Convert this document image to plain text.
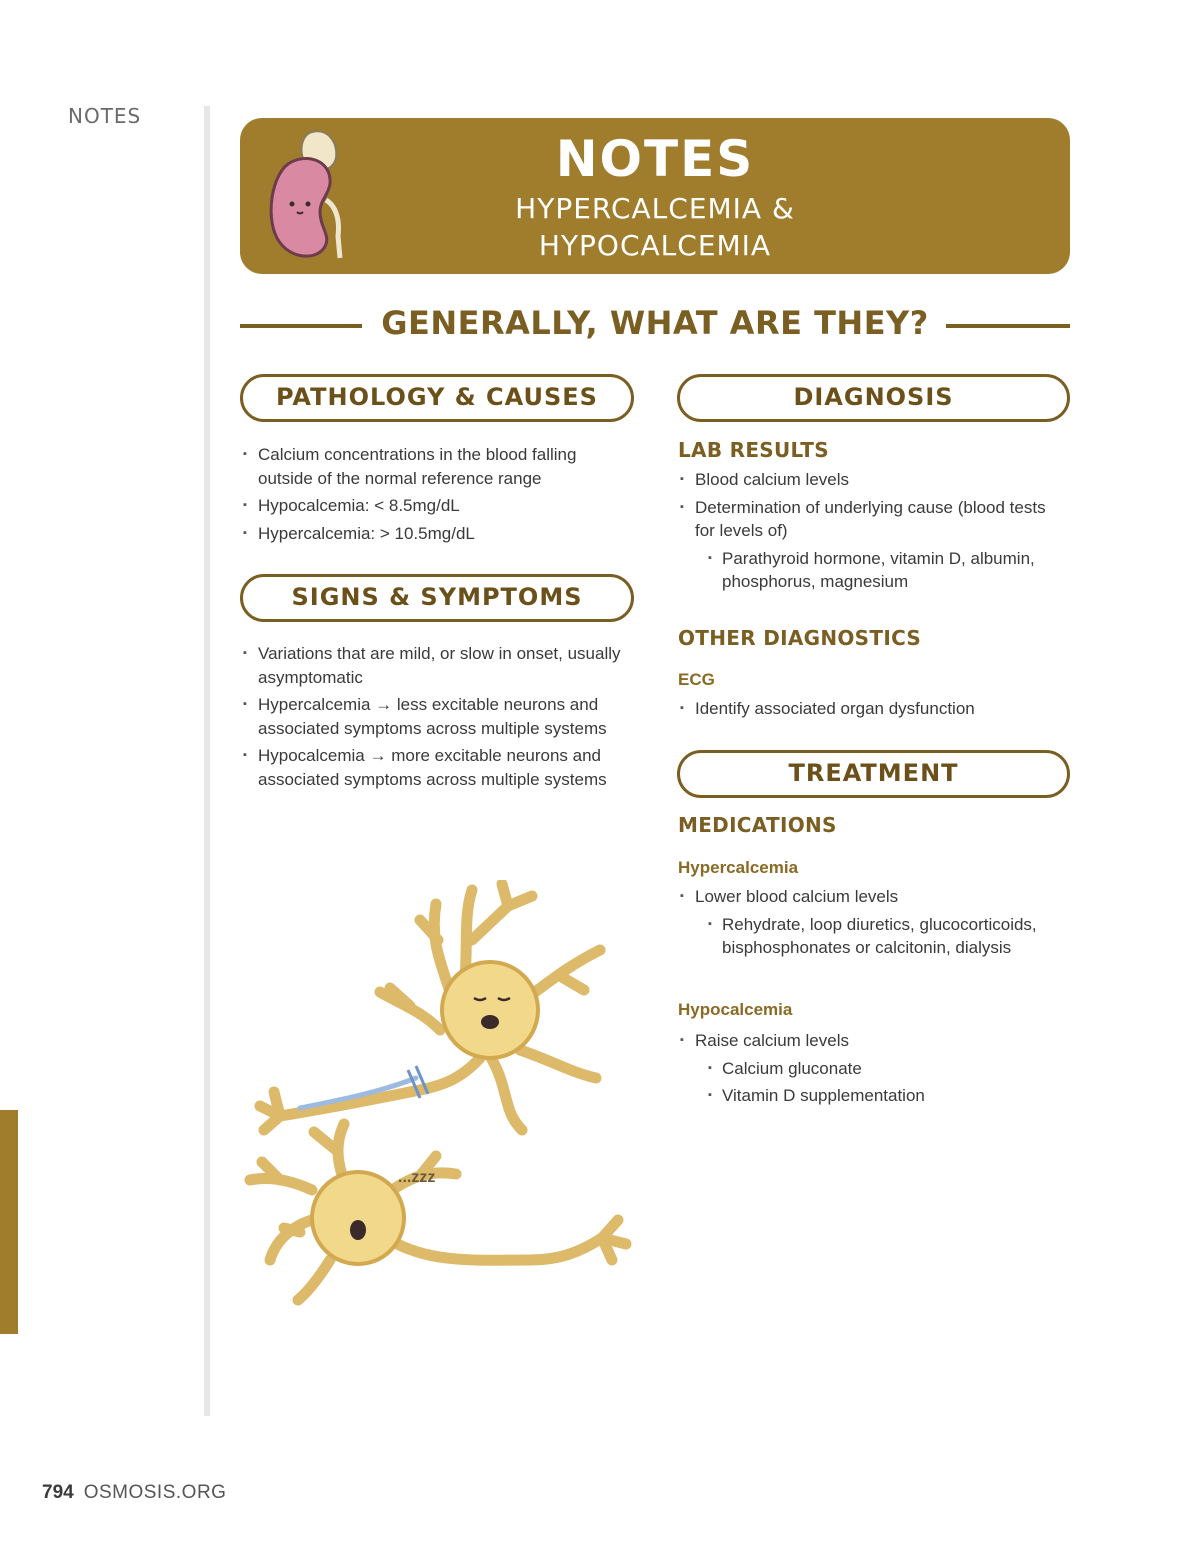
NOTES
NOTES
HYPERCALCEMIA &
HYPOCALCEMIA
GENERALLY, WHAT ARE THEY?
PATHOLOGY & CAUSES
▪ Calcium concentrations in the blood falling outside of the normal reference range
▪ Hypocalcemia: < 8.5mg/dL
▪ Hypercalcemia: > 10.5mg/dL
SIGNS & SYMPTOMS
▪ Variations that are mild, or slow in onset, usually asymptomatic
▪ Hypercalcemia → less excitable neurons and associated symptoms across multiple systems
▪ Hypocalcemia → more excitable neurons and associated symptoms across multiple systems
...zzz
DIAGNOSIS
LAB RESULTS
▪ Blood calcium levels
▪ Determination of underlying cause (blood tests for levels of)
▪ Parathyroid hormone, vitamin D, albumin, phosphorus, magnesium
OTHER DIAGNOSTICS
ECG
▪ Identify associated organ dysfunction
TREATMENT
MEDICATIONS
Hypercalcemia
▪ Lower blood calcium levels
▪ Rehydrate, loop diuretics, glucocorticoids, bisphosphonates or calcitonin, dialysis
Hypocalcemia
▪ Raise calcium levels
▪ Calcium gluconate
▪ Vitamin D supplementation
794 OSMOSIS.ORG
